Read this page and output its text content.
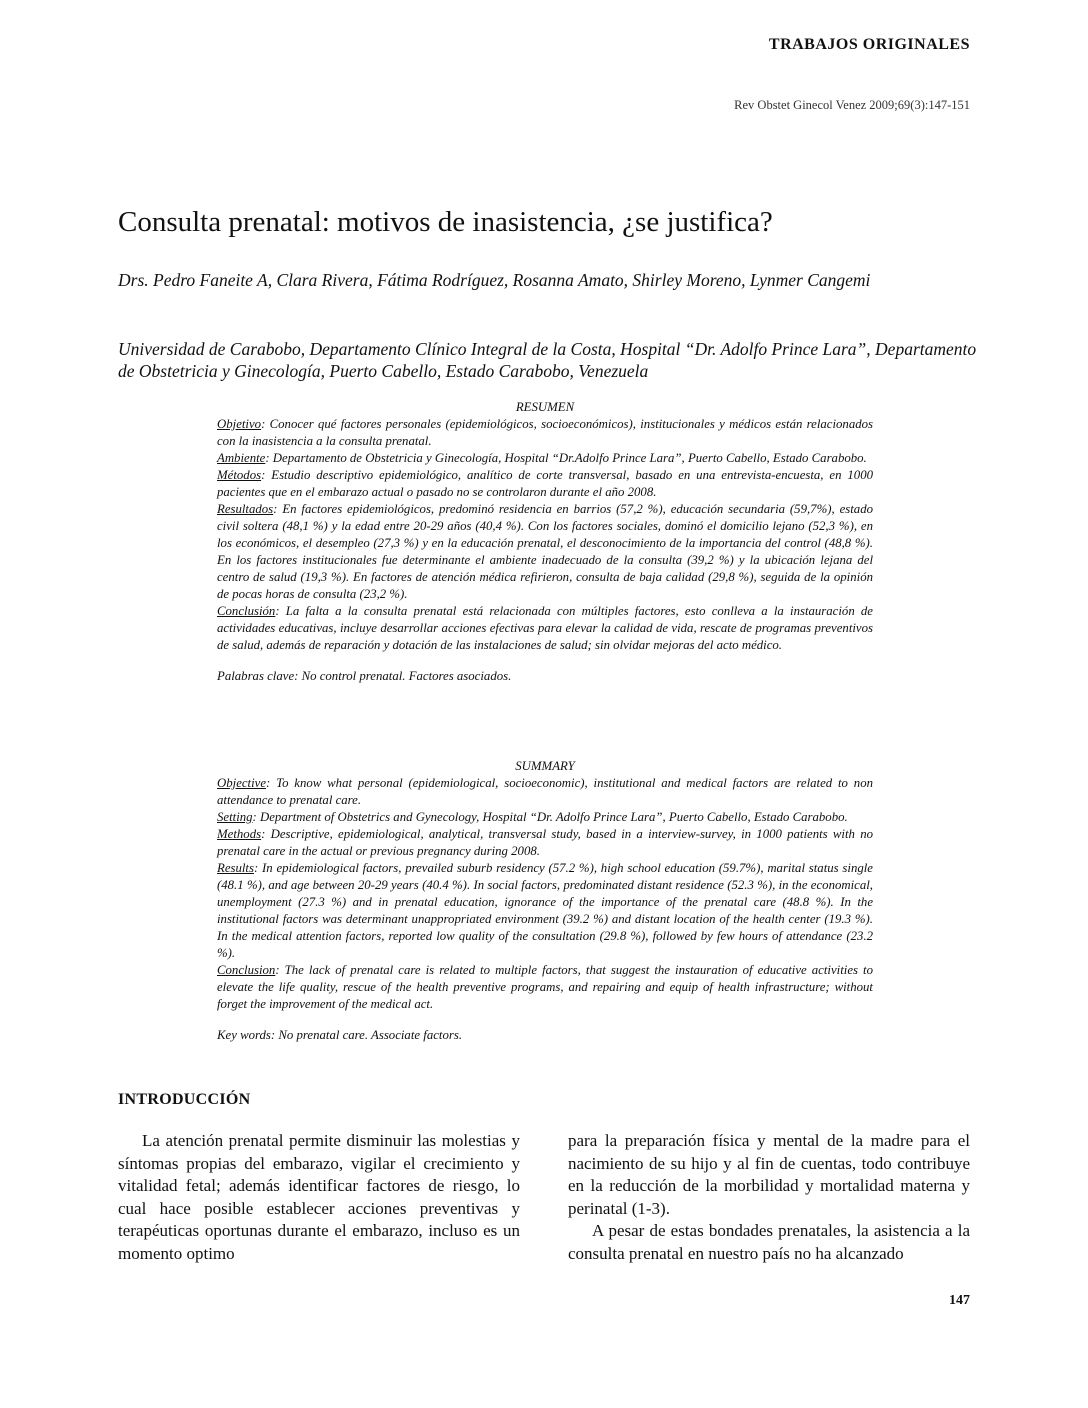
TRABAJOS ORIGINALES
Rev Obstet Ginecol Venez 2009;69(3):147-151
Consulta prenatal: motivos de inasistencia, ¿se justifica?
Drs. Pedro Faneite A, Clara Rivera, Fátima Rodríguez, Rosanna Amato, Shirley Moreno, Lynmer Cangemi
Universidad de Carabobo, Departamento Clínico Integral de la Costa, Hospital “Dr. Adolfo Prince Lara”, Departamento de Obstetricia y Ginecología, Puerto Cabello, Estado Carabobo, Venezuela
RESUMEN

Objetivo: Conocer qué factores personales (epidemiológicos, socioeconómicos), institucionales y médicos están relacionados con la inasistencia a la consulta prenatal.

Ambiente: Departamento de Obstetricia y Ginecología, Hospital “Dr.Adolfo Prince Lara”, Puerto Cabello, Estado Carabobo.

Métodos: Estudio descriptivo epidemiológico, analítico de corte transversal, basado en una entrevista-encuesta, en 1000 pacientes que en el embarazo actual o pasado no se controlaron durante el año 2008.

Resultados: En factores epidemiológicos, predominó residencia en barrios (57,2 %), educación secundaria (59,7%), estado civil soltera (48,1 %) y la edad entre 20-29 años (40,4 %). Con los factores sociales, dominó el domicilio lejano (52,3 %), en los económicos, el desempleo (27,3 %) y en la educación prenatal, el desconocimiento de la importancia del control (48,8 %). En los factores institucionales fue determinante el ambiente inadecuado de la consulta (39,2 %) y la ubicación lejana del centro de salud (19,3 %). En factores de atención médica refirieron, consulta de baja calidad (29,8 %), seguida de la opinión de pocas horas de consulta (23,2 %).

Conclusión: La falta a la consulta prenatal está relacionada con múltiples factores, esto conlleva a la instauración de actividades educativas, incluye desarrollar acciones efectivas para elevar la calidad de vida, rescate de programas preventivos de salud, además de reparación y dotación de las instalaciones de salud; sin olvidar mejoras del acto médico.

Palabras clave: No control prenatal. Factores asociados.

SUMMARY

Objective: To know what personal (epidemiological, socioeconomic), institutional and medical factors are related to non attendance to prenatal care.

Setting: Department of Obstetrics and Gynecology, Hospital “Dr. Adolfo Prince Lara”, Puerto Cabello, Estado Carabobo.

Methods: Descriptive, epidemiological, analytical, transversal study, based in a interview-survey, in 1000 patients with no prenatal care in the actual or previous pregnancy during 2008.

Results: In epidemiological factors, prevailed suburb residency (57.2 %), high school education (59.7%), marital status single (48.1 %), and age between 20-29 years (40.4 %). In social factors, predominated distant residence (52.3 %), in the economical, unemployment (27.3 %) and in prenatal education, ignorance of the importance of the prenatal care (48.8 %). In the institutional factors was determinant unappropriated environment (39.2 %) and distant location of the health center (19.3 %). In the medical attention factors, reported low quality of the consultation (29.8 %), followed by few hours of attendance (23.2 %).

Conclusion: The lack of prenatal care is related to multiple factors, that suggest the instauration of educative activities to elevate the life quality, rescue of the health preventive programs, and repairing and equip of health infrastructure; without forget the improvement of the medical act.

Key words: No prenatal care. Associate factors.

INTRODUCCIÓN

La atención prenatal permite disminuir las molestias y síntomas propias del embarazo, vigilar el crecimiento y vitalidad fetal; además identificar factores de riesgo, lo cual hace posible establecer acciones preventivas y terapéuticas oportunas durante el embarazo, incluso es un momento optimo

para la preparación física y mental de la madre para el nacimiento de su hijo y al fin de cuentas, todo contribuye en la reducción de la morbilidad y mortalidad materna y perinatal (1-3).

A pesar de estas bondades prenatales, la asistencia a la consulta prenatal en nuestro país no ha alcanzado

147
